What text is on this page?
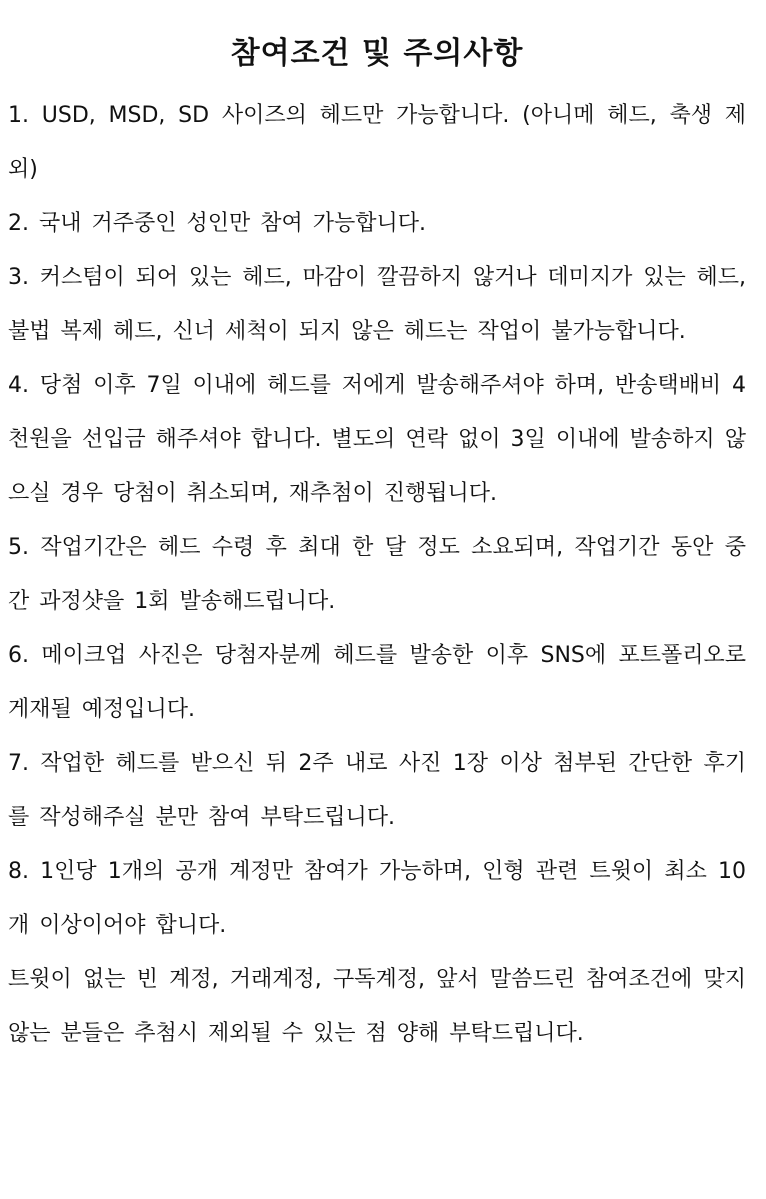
참여조건 및 주의사항

1. USD, MSD, SD 사이즈의 헤드만 가능합니다. (아니메 헤드, 축생 제외)

2. 국내 거주중인 성인만 참여 가능합니다.

3. 커스텀이 되어 있는 헤드, 마감이 깔끔하지 않거나 데미지가 있는 헤드, 불법 복제 헤드, 신너 세척이 되지 않은 헤드는 작업이 불가능합니다.

4. 당첨 이후 7일 이내에 헤드를 저에게 발송해주셔야 하며, 반송택배비 4천원을 선입금 해주셔야 합니다. 별도의 연락 없이 3일 이내에 발송하지 않으실 경우 당첨이 취소되며, 재추첨이 진행됩니다.

5. 작업기간은 헤드 수령 후 최대 한 달 정도 소요되며, 작업기간 동안 중간 과정샷을 1회 발송해드립니다.

6. 메이크업 사진은 당첨자분께 헤드를 발송한 이후 SNS에 포트폴리오로 게재될 예정입니다.

7. 작업한 헤드를 받으신 뒤 2주 내로 사진 1장 이상 첨부된 간단한 후기를 작성해주실 분만 참여 부탁드립니다.

8. 1인당 1개의 공개 계정만 참여가 가능하며, 인형 관련 트윗이 최소 10개 이상이어야 합니다.

트윗이 없는 빈 계정, 거래계정, 구독계정, 앞서 말씀드린 참여조건에 맞지 않는 분들은 추첨시 제외될 수 있는 점 양해 부탁드립니다.
